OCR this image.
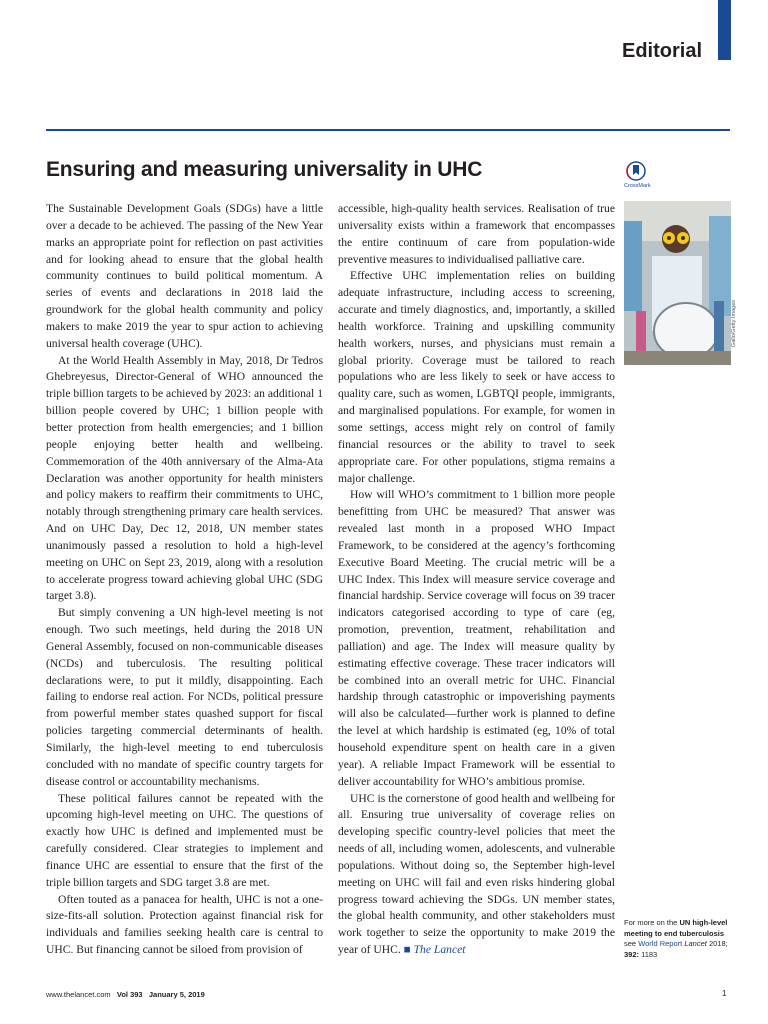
Editorial
Ensuring and measuring universality in UHC
CrossMark

The Sustainable Development Goals (SDGs) have a little over a decade to be achieved. The passing of the New Year marks an appropriate point for reflection on past activities and for looking ahead to ensure that the global health community continues to build political momentum. A series of events and declarations in 2018 laid the groundwork for the global health community and policy makers to make 2019 the year to spur action to achieving universal health coverage (UHC).

At the World Health Assembly in May, 2018, Dr Tedros Ghebreyesus, Director-General of WHO announced the triple billion targets to be achieved by 2023: an additional 1 billion people covered by UHC; 1 billion people with better protection from health emergencies; and 1 billion people enjoying better health and wellbeing. Commemoration of the 40th anniversary of the Alma-Ata Declaration was another opportunity for health ministers and policy makers to reaffirm their commitments to UHC, notably through strengthening primary care health services. And on UHC Day, Dec 12, 2018, UN member states unanimously passed a resolution to hold a high-level meeting on UHC on Sept 23, 2019, along with a resolution to accelerate progress toward achieving global UHC (SDG target 3.8).

But simply convening a UN high-level meeting is not enough. Two such meetings, held during the 2018 UN General Assembly, focused on non-communicable diseases (NCDs) and tuberculosis. The resulting political declarations were, to put it mildly, disappointing. Each failing to endorse real action. For NCDs, political pressure from powerful member states quashed support for fiscal policies targeting commercial determinants of health. Similarly, the high-level meeting to end tuberculosis concluded with no mandate of specific country targets for disease control or accountability mechanisms.

These political failures cannot be repeated with the upcoming high-level meeting on UHC. The questions of exactly how UHC is defined and implemented must be carefully considered. Clear strategies to implement and finance UHC are essential to ensure that the first of the triple billion targets and SDG target 3.8 are met.

Often touted as a panacea for health, UHC is not a one-size-fits-all solution. Protection against financial risk for individuals and families seeking health care is central to UHC. But financing cannot be siloed from provision of

accessible, high-quality health services. Realisation of true universality exists within a framework that encompasses the entire continuum of care from population-wide preventive measures to individualised palliative care.

Effective UHC implementation relies on building adequate infrastructure, including access to screening, accurate and timely diagnostics, and, importantly, a skilled health workforce. Training and upskilling community health workers, nurses, and physicians must remain a global priority. Coverage must be tailored to reach populations who are less likely to seek or have access to quality care, such as women, LGBTQI people, immigrants, and marginalised populations. For example, for women in some settings, access might rely on control of family financial resources or the ability to travel to seek appropriate care. For other populations, stigma remains a major challenge.

How will WHO’s commitment to 1 billion more people benefitting from UHC be measured? That answer was revealed last month in a proposed WHO Impact Framework, to be considered at the agency’s forthcoming Executive Board Meeting. The crucial metric will be a UHC Index. This Index will measure service coverage and financial hardship. Service coverage will focus on 39 tracer indicators categorised according to type of care (eg, promotion, prevention, treatment, rehabilitation and palliation) and age. The Index will measure quality by estimating effective coverage. These tracer indicators will be combined into an overall metric for UHC. Financial hardship through catastrophic or impoverishing payments will also be calculated—further work is planned to define the level at which hardship is estimated (eg, 10% of total household expenditure spent on health care in a given year). A reliable Impact Framework will be essential to deliver accountability for WHO’s ambitious promise.

UHC is the cornerstone of good health and wellbeing for all. Ensuring true universality of coverage relies on developing specific country-level policies that meet the needs of all, including women, adolescents, and vulnerable populations. Without doing so, the September high-level meeting on UHC will fail and even risks hindering global progress toward achieving the SDGs. UN member states, the global health community, and other stakeholders must work together to seize the opportunity to make 2019 the year of UHC. ■ The Lancet

Gallo/Getty Images
For more on the UN high-level meeting to end tuberculosis see World Report Lancet 2018; 392: 1183
www.thelancet.com Vol 393 January 5, 2019	1
